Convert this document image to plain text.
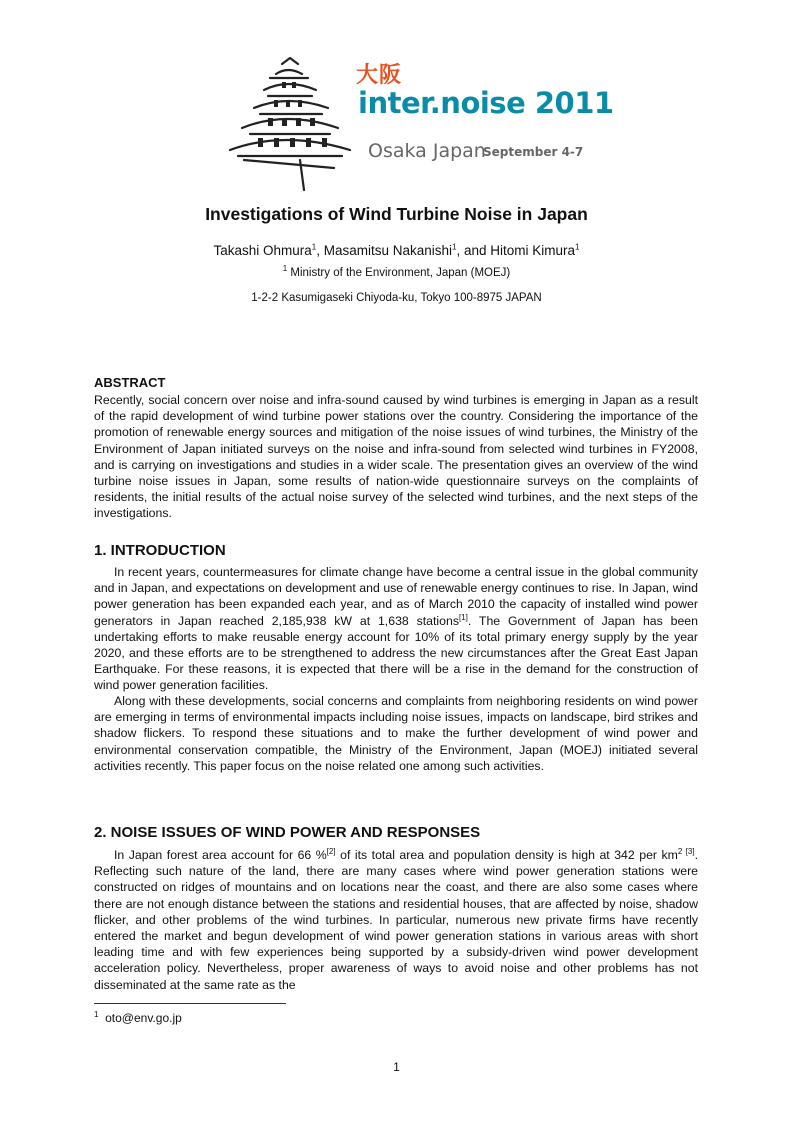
大阪
inter.noise 2011
Osaka Japan
September 4-7
Investigations of Wind Turbine Noise in Japan
Takashi Ohmura$^1$, Masamitsu Nakanishi$^1$, and Hitomi Kimura$^1$
$^1$ Ministry of the Environment, Japan (MOEJ)
1-2-2 Kasumigaseki Chiyoda-ku, Tokyo 100-8975 JAPAN
ABSTRACT

Recently, social concern over noise and infra-sound caused by wind turbines is emerging in Japan as a result of the rapid development of wind turbine power stations over the country. Considering the importance of the promotion of renewable energy sources and mitigation of the noise issues of wind turbines, the Ministry of the Environment of Japan initiated surveys on the noise and infra-sound from selected wind turbines in FY2008, and is carrying on investigations and studies in a wider scale. The presentation gives an overview of the wind turbine noise issues in Japan, some results of nation-wide questionnaire surveys on the complaints of residents, the initial results of the actual noise survey of the selected wind turbines, and the next steps of the investigations.

1. INTRODUCTION

In recent years, countermeasures for climate change have become a central issue in the global community and in Japan, and expectations on development and use of renewable energy continues to rise. In Japan, wind power generation has been expanded each year, and as of March 2010 the capacity of installed wind power generators in Japan reached 2,185,938 kW at 1,638 stations[1]. The Government of Japan has been undertaking efforts to make reusable energy account for 10% of its total primary energy supply by the year 2020, and these efforts are to be strengthened to address the new circumstances after the Great East Japan Earthquake. For these reasons, it is expected that there will be a rise in the demand for the construction of wind power generation facilities.

Along with these developments, social concerns and complaints from neighboring residents on wind power are emerging in terms of environmental impacts including noise issues, impacts on landscape, bird strikes and shadow flickers. To respond these situations and to make the further development of wind power and environmental conservation compatible, the Ministry of the Environment, Japan (MOEJ) initiated several activities recently. This paper focus on the noise related one among such activities.

2. NOISE ISSUES OF WIND POWER AND RESPONSES

In Japan forest area account for 66 %[2] of its total area and population density is high at 342 per $km^2$ [3]. Reflecting such nature of the land, there are many cases where wind power generation stations were constructed on ridges of mountains and on locations near the coast, and there are also some cases where there are not enough distance between the stations and residential houses, that are affected by noise, shadow flicker, and other problems of the wind turbines. In particular, numerous new private firms have recently entered the market and begun development of wind power generation stations in various areas with short leading time and with few experiences being supported by a subsidy-driven wind power development acceleration policy. Nevertheless, proper awareness of ways to avoid noise and other problems has not disseminated at the same rate as the

$^1$ oto@env.go.jp
1
